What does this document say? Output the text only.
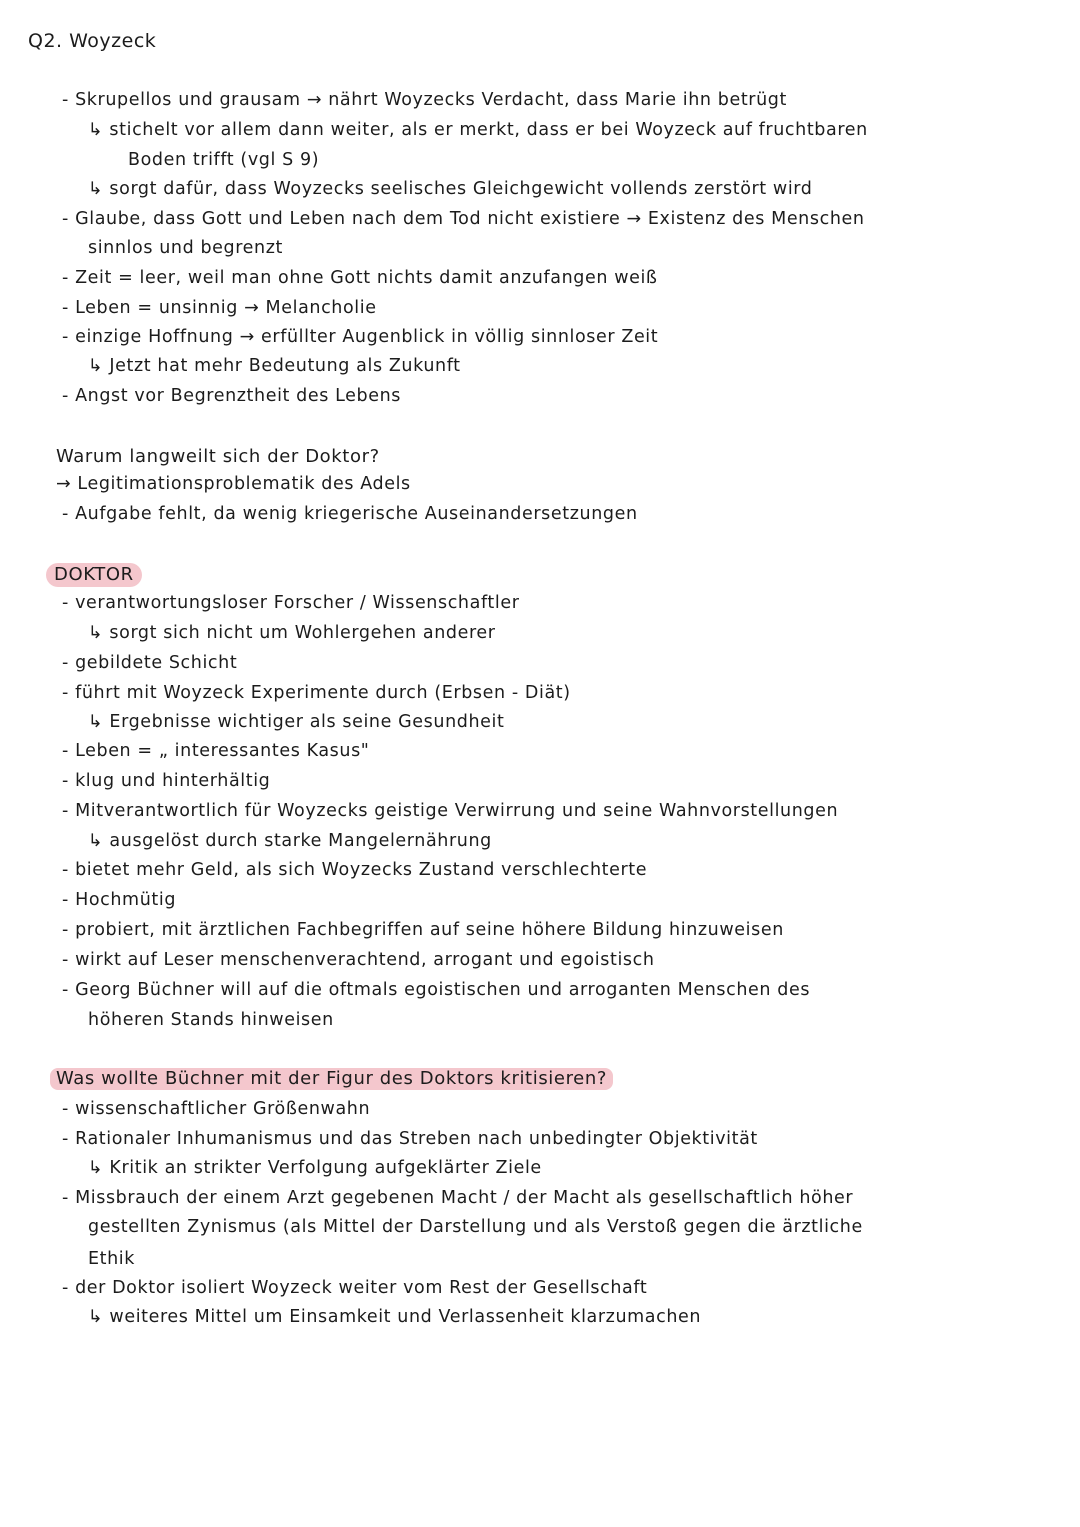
Q2. Woyzeck
- Skrupellos und grausam → nährt Woyzecks Verdacht, dass Marie ihn betrügt
↳ stichelt vor allem dann weiter, als er merkt, dass er bei Woyzeck auf fruchtbaren
Boden trifft (vgl S 9)
↳ sorgt dafür, dass Woyzecks seelisches Gleichgewicht vollends zerstört wird
- Glaube, dass Gott und Leben nach dem Tod nicht existiere → Existenz des Menschen
sinnlos und begrenzt
- Zeit = leer, weil man ohne Gott nichts damit anzufangen weiß
- Leben = unsinnig → Melancholie
- einzige Hoffnung → erfüllter Augenblick in völlig sinnloser Zeit
↳ Jetzt hat mehr Bedeutung als Zukunft
- Angst vor Begrenztheit des Lebens
Warum langweilt sich der Doktor?
→ Legitimationsproblematik des Adels
- Aufgabe fehlt, da wenig kriegerische Auseinandersetzungen
DOKTOR
- verantwortungsloser Forscher / Wissenschaftler
↳ sorgt sich nicht um Wohlergehen anderer
- gebildete Schicht
- führt mit Woyzeck Experimente durch (Erbsen - Diät)
↳ Ergebnisse wichtiger als seine Gesundheit
- Leben = „ interessantes Kasus"
- klug und hinterhältig
- Mitverantwortlich für Woyzecks geistige Verwirrung und seine Wahnvorstellungen
↳ ausgelöst durch starke Mangelernährung
- bietet mehr Geld, als sich Woyzecks Zustand verschlechterte
- Hochmütig
- probiert, mit ärztlichen Fachbegriffen auf seine höhere Bildung hinzuweisen
- wirkt auf Leser menschenverachtend, arrogant und egoistisch
- Georg Büchner will auf die oftmals egoistischen und arroganten Menschen des
höheren Stands hinweisen
Was wollte Büchner mit der Figur des Doktors kritisieren?
- wissenschaftlicher Größenwahn
- Rationaler Inhumanismus und das Streben nach unbedingter Objektivität
↳ Kritik an strikter Verfolgung aufgeklärter Ziele
- Missbrauch der einem Arzt gegebenen Macht / der Macht als gesellschaftlich höher
gestellten Zynismus (als Mittel der Darstellung und als Verstoß gegen die ärztliche
Ethik
- der Doktor isoliert Woyzeck weiter vom Rest der Gesellschaft
↳ weiteres Mittel um Einsamkeit und Verlassenheit klarzumachen
